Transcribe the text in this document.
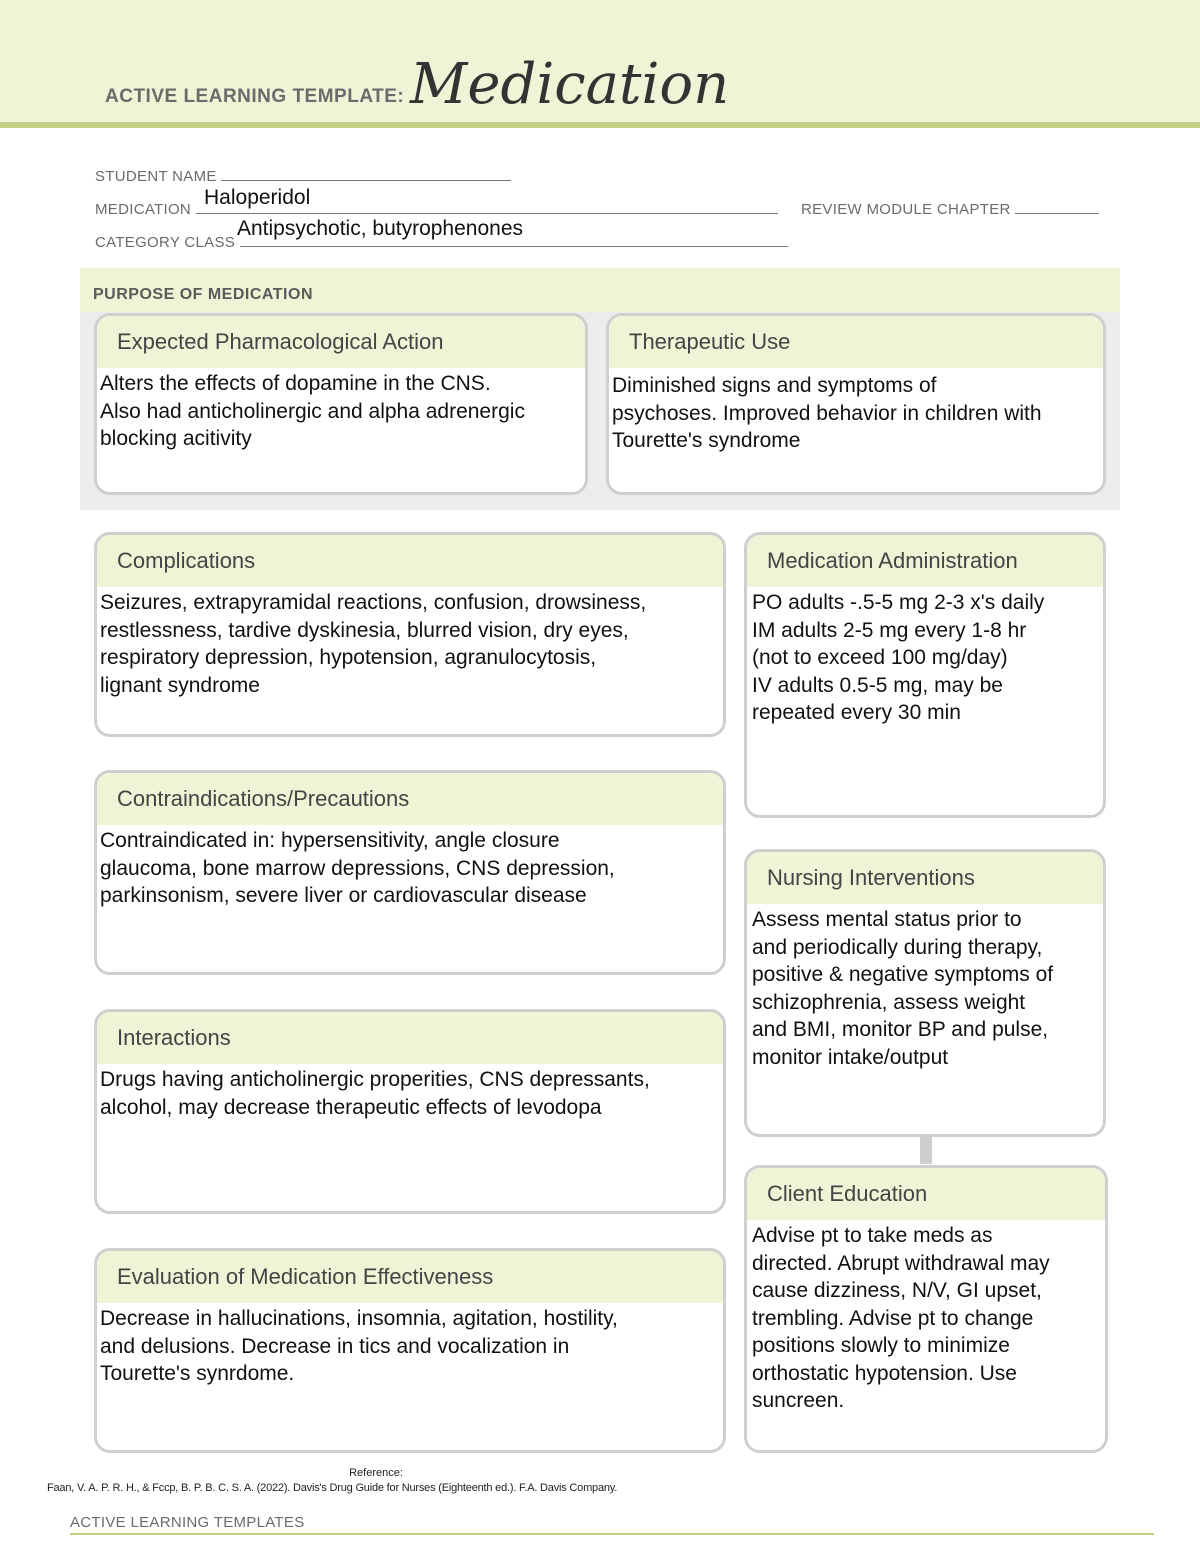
ACTIVE LEARNING TEMPLATE: Medication
STUDENT NAME
MEDICATION
Haloperidol
REVIEW MODULE CHAPTER
CATEGORY CLASS
Antipsychotic, butyrophenones
PURPOSE OF MEDICATION
Expected Pharmacological Action
Alters the effects of dopamine in the CNS.
Also had anticholinergic and alpha adrenergic
blocking acitivity
Therapeutic Use
Diminished signs and symptoms of
psychoses. Improved behavior in children with
Tourette's syndrome
Complications
Seizures, extrapyramidal reactions, confusion, drowsiness,
restlessness, tardive dyskinesia, blurred vision, dry eyes,
respiratory depression, hypotension, agranulocytosis,
lignant syndrome
Contraindications/Precautions
Contraindicated in: hypersensitivity, angle closure
glaucoma, bone marrow depressions, CNS depression,
parkinsonism, severe liver or cardiovascular disease
Interactions
Drugs having anticholinergic properities, CNS depressants,
alcohol, may decrease therapeutic effects of levodopa
Evaluation of Medication Effectiveness
Decrease in hallucinations, insomnia, agitation, hostility,
and delusions. Decrease in tics and vocalization in
Tourette's synrdome.
Medication Administration
PO adults -.5-5 mg 2-3 x's daily
IM adults 2-5 mg every 1-8 hr
(not to exceed 100 mg/day)
IV adults 0.5-5 mg, may be
repeated every 30 min
Nursing Interventions
Assess mental status prior to
and periodically during therapy,
positive & negative symptoms of
schizophrenia, assess weight
and BMI, monitor BP and pulse,
monitor intake/output
Client Education
Advise pt to take meds as
directed. Abrupt withdrawal may
cause dizziness, N/V, GI upset,
trembling. Advise pt to change
positions slowly to minimize
orthostatic hypotension. Use
suncreen.
Reference:
Faan, V. A. P. R. H., & Fccp, B. P. B. C. S. A. (2022). Davis's Drug Guide for Nurses (Eighteenth ed.). F.A. Davis Company.
ACTIVE LEARNING TEMPLATES
